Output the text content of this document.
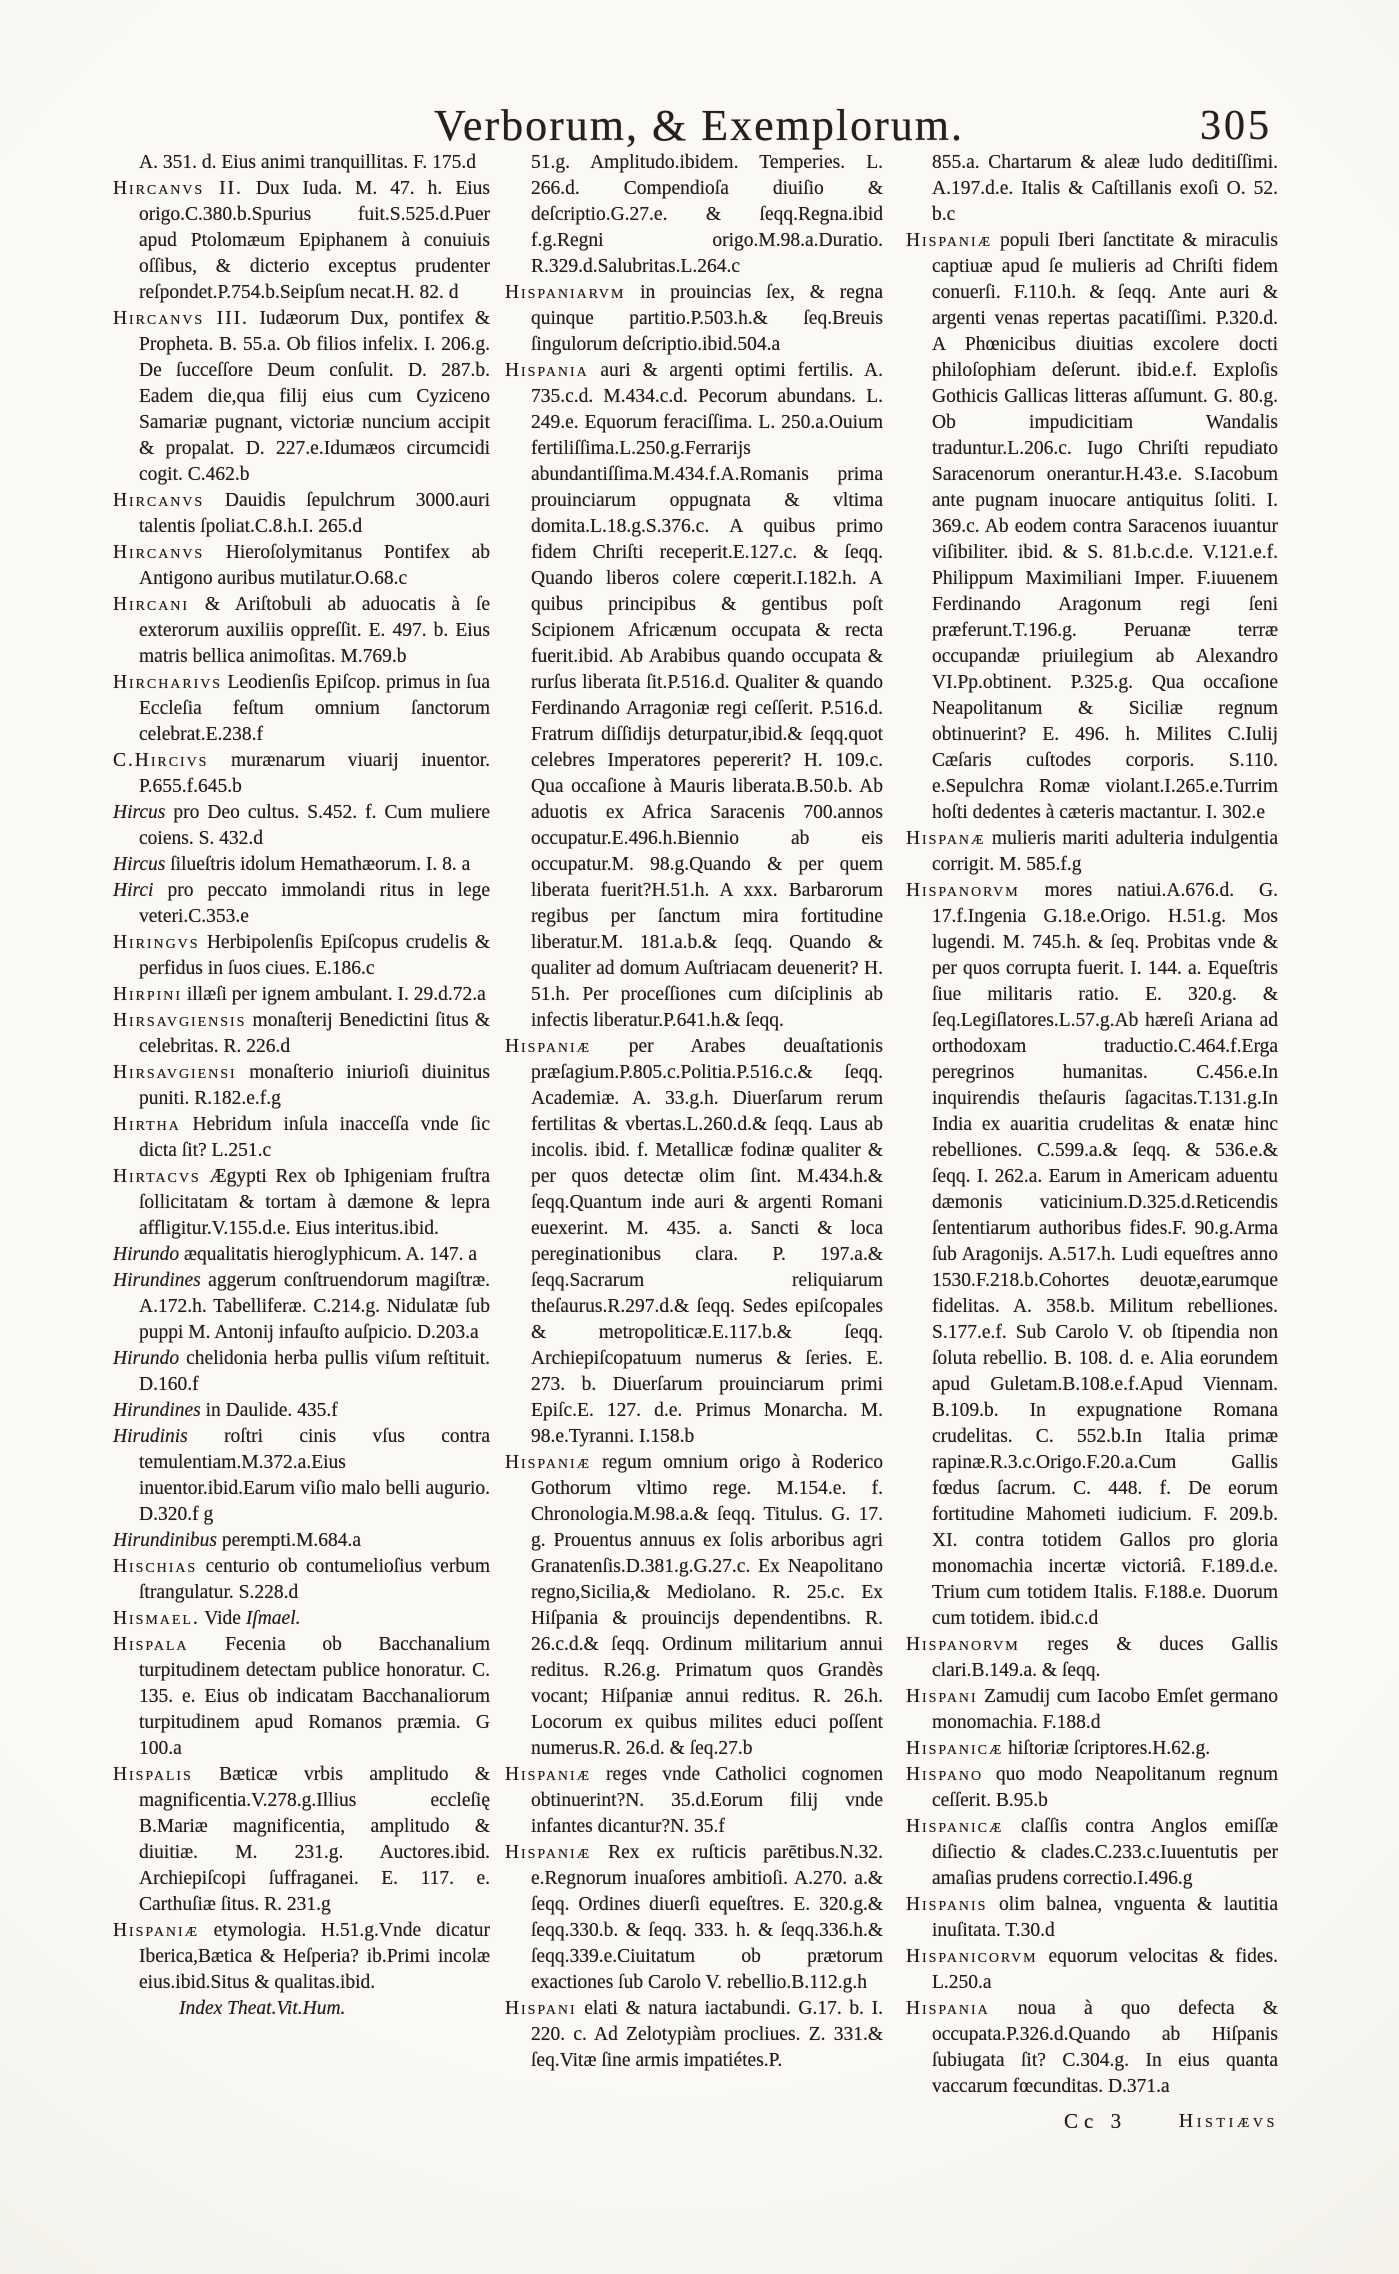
Verborum, & Exemplorum.	305

A. 351. d. Eius animi tranquillitas. F. 175.d

Hircanvs II. Dux Iuda. M. 47. h. Eius origo.C.380.b.Spurius fuit.S.525.d.Puer apud Ptolomæum Epiphanem à conuiuis oſſibus, & dicterio exceptus prudenter reſpondet.P.754.b.Seipſum necat.H. 82. d

Hircanvs III. Iudæorum Dux, pontifex & Propheta. B. 55.a. Ob filios infelix. I. 206.g. De ſucceſſore Deum conſulit. D. 287.b. Eadem die,qua filij eius cum Cyziceno Samariæ pugnant, victoriæ nuncium accipit & propalat. D. 227.e.Idumæos circumcidi cogit. C.462.b

Hircanvs Dauidis ſepulchrum 3000.auri talentis ſpoliat.C.8.h.I. 265.d

Hircanvs Hieroſolymitanus Pontifex ab Antigono auribus mutilatur.O.68.c

Hircani & Ariſtobuli ab aduocatis à ſe exterorum auxiliis oppreſſit. E. 497. b. Eius matris bellica animoſitas. M.769.b

Hircharivs Leodienſis Epiſcop. primus in ſua Eccleſia feſtum omnium ſanctorum celebrat.E.238.f

C.Hircivs murænarum viuarij inuentor. P.655.f.645.b

Hircus pro Deo cultus. S.452. f. Cum muliere coiens. S. 432.d

Hircus ſilueſtris idolum Hemathæorum. I. 8. a

Hirci pro peccato immolandi ritus in lege veteri.C.353.e

Hiringvs Herbipolenſis Epiſcopus crudelis & perfidus in ſuos ciues. E.186.c

Hirpini illæſi per ignem ambulant. I. 29.d.72.a

Hirsavgiensis monaſterij Benedictini ſitus & celebritas. R. 226.d

Hirsavgiensi monaſterio iniurioſi diuinitus puniti. R.182.e.f.g

Hirtha Hebridum inſula inacceſſa vnde ſic dicta ſit? L.251.c

Hirtacvs Ægypti Rex ob Iphigeniam fruſtra ſollicitatam & tortam à dæmone & lepra affligitur.V.155.d.e. Eius interitus.ibid.

Hirundo æqualitatis hieroglyphicum. A. 147. a

Hirundines aggerum conſtruendorum magiſtræ. A.172.h. Tabelliferæ. C.214.g. Nidulatæ ſub puppi M. Antonij infauſto auſpicio. D.203.a

Hirundo chelidonia herba pullis viſum reſtituit. D.160.f

Hirundines in Daulide. 435.f

Hirudinis roſtri cinis vſus contra temulentiam.M.372.a.Eius inuentor.ibid.Earum viſio malo belli augurio. D.320.f g

Hirundinibus perempti.M.684.a

Hischias centurio ob contumelioſius verbum ſtrangulatur. S.228.d

Hismael. Vide Iſmael.

Hispala Fecenia ob Bacchanalium turpitudinem detectam publice honoratur. C. 135. e. Eius ob indicatam Bacchanaliorum turpitudinem apud Romanos præmia. G 100.a

Hispalis Bæticæ vrbis amplitudo & magnificentia.V.278.g.Illius eccleſię B.Mariæ magnificentia, amplitudo & diuitiæ. M. 231.g. Auctores.ibid. Archiepiſcopi ſuffraganei. E. 117. e. Carthuſiæ ſitus. R. 231.g

Hispaniæ etymologia. H.51.g.Vnde dicatur Iberica,Bætica & Heſperia? ib.Primi incolæ eius.ibid.Situs & qualitas.ibid.

Index Theat.Vit.Hum.

51.g. Amplitudo.ibidem. Temperies. L. 266.d. Compendioſa diuiſio & deſcriptio.G.27.e. & ſeqq.Regna.ibid f.g.Regni origo.M.98.a.Duratio. R.329.d.Salubritas.L.264.c

Hispaniarvm in prouincias ſex, & regna quinque partitio.P.503.h.& ſeq.Breuis ſingulorum deſcriptio.ibid.504.a

Hispania auri & argenti optimi fertilis. A. 735.c.d. M.434.c.d. Pecorum abundans. L. 249.e. Equorum feraciſſima. L. 250.a.Ouium fertiliſſima.L.250.g.Ferrarijs abundantiſſima.M.434.f.A.Romanis prima prouinciarum oppugnata & vltima domita.L.18.g.S.376.c. A quibus primo fidem Chriſti receperit.E.127.c. & ſeqq. Quando liberos colere cœperit.I.182.h. A quibus principibus & gentibus poſt Scipionem Africænum occupata & recta fuerit.ibid. Ab Arabibus quando occupata & rurſus liberata ſit.P.516.d. Qualiter & quando Ferdinando Arragoniæ regi ceſſerit. P.516.d. Fratrum diſſidijs deturpatur,ibid.& ſeqq.quot celebres Imperatores pepererit? H. 109.c. Qua occaſione à Mauris liberata.B.50.b. Ab aduotis ex Africa Saracenis 700.annos occupatur.E.496.h.Biennio ab eis occupatur.M. 98.g.Quando & per quem liberata fuerit?H.51.h. A xxx. Barbarorum regibus per ſanctum mira fortitudine liberatur.M. 181.a.b.& ſeqq. Quando & qualiter ad domum Auſtriacam deuenerit? H. 51.h. Per proceſſiones cum diſciplinis ab infectis liberatur.P.641.h.& ſeqq.

Hispaniæ per Arabes deuaſtationis præſagium.P.805.c.Politia.P.516.c.& ſeqq. Academiæ. A. 33.g.h. Diuerſarum rerum fertilitas & vbertas.L.260.d.& ſeqq. Laus ab incolis. ibid. f. Metallicæ fodinæ qualiter & per quos detectæ olim ſint. M.434.h.& ſeqq.Quantum inde auri & argenti Romani euexerint. M. 435. a. Sancti & loca pereginationibus clara. P. 197.a.& ſeqq.Sacrarum reliquiarum theſaurus.R.297.d.& ſeqq. Sedes epiſcopales & metropoliticæ.E.117.b.& ſeqq. Archiepiſcopatuum numerus & ſeries. E. 273. b. Diuerſarum prouinciarum primi Epiſc.E. 127. d.e. Primus Monarcha. M. 98.e.Tyranni. I.158.b

Hispaniæ regum omnium origo à Roderico Gothorum vltimo rege. M.154.e. f. Chronologia.M.98.a.& ſeqq. Titulus. G. 17. g. Prouentus annuus ex ſolis arboribus agri Granatenſis.D.381.g.G.27.c. Ex Neapolitano regno,Sicilia,& Mediolano. R. 25.c. Ex Hiſpania & prouincijs dependentibns. R. 26.c.d.& ſeqq. Ordinum militarium annui reditus. R.26.g. Primatum quos Grandès vocant; Hiſpaniæ annui reditus. R. 26.h. Locorum ex quibus milites educi poſſent numerus.R. 26.d. & ſeq.27.b

Hispaniæ reges vnde Catholici cognomen obtinuerint?N. 35.d.Eorum filij vnde infantes dicantur?N. 35.f

Hispaniæ Rex ex ruſticis parētibus.N.32. e.Regnorum inuaſores ambitioſi. A.270. a.& ſeqq. Ordines diuerſi equeſtres. E. 320.g.& ſeqq.330.b. & ſeqq. 333. h. & ſeqq.336.h.& ſeqq.339.e.Ciuitatum ob prætorum exactiones ſub Carolo V. rebellio.B.112.g.h

Hispani elati & natura iactabundi. G.17. b. I. 220. c. Ad Zelotypiàm procliues. Z. 331.& ſeq.Vitæ ſine armis impatiétes.P.

855.a. Chartarum & aleæ ludo deditiſſimi. A.197.d.e. Italis & Caſtillanis exoſi O. 52. b.c

Hispaniæ populi Iberi ſanctitate & miraculis captiuæ apud ſe mulieris ad Chriſti fidem conuerſi. F.110.h. & ſeqq. Ante auri & argenti venas repertas pacatiſſimi. P.320.d. A Phœnicibus diuitias excolere docti philoſophiam deſerunt. ibid.e.f. Exploſis Gothicis Gallicas litteras aſſumunt. G. 80.g. Ob impudicitiam Wandalis traduntur.L.206.c. Iugo Chriſti repudiato Saracenorum onerantur.H.43.e. S.Iacobum ante pugnam inuocare antiquitus ſoliti. I. 369.c. Ab eodem contra Saracenos iuuantur viſibiliter. ibid. & S. 81.b.c.d.e. V.121.e.f. Philippum Maximiliani Imper. F.iuuenem Ferdinando Aragonum regi ſeni præferunt.T.196.g. Peruanæ terræ occupandæ priuilegium ab Alexandro VI.Pp.obtinent. P.325.g. Qua occaſione Neapolitanum & Siciliæ regnum obtinuerint? E. 496. h. Milites C.Iulij Cæſaris cuſtodes corporis. S.110. e.Sepulchra Romæ violant.I.265.e.Turrim hoſti dedentes à cæteris mactantur. I. 302.e

Hispanæ mulieris mariti adulteria indulgentia corrigit. M. 585.f.g

Hispanorvm mores natiui.A.676.d. G. 17.f.Ingenia G.18.e.Origo. H.51.g. Mos lugendi. M. 745.h. & ſeq. Probitas vnde & per quos corrupta fuerit. I. 144. a. Equeſtris ſiue militaris ratio. E. 320.g. & ſeq.Legiſlatores.L.57.g.Ab hæreſi Ariana ad orthodoxam traductio.C.464.f.Erga peregrinos humanitas. C.456.e.In inquirendis theſauris ſagacitas.T.131.g.In India ex auaritia crudelitas & enatæ hinc rebelliones. C.599.a.& ſeqq. & 536.e.& ſeqq. I. 262.a. Earum in Americam aduentu dæmonis vaticinium.D.325.d.Reticendis ſententiarum authoribus fides.F. 90.g.Arma ſub Aragonijs. A.517.h. Ludi equeſtres anno 1530.F.218.b.Cohortes deuotæ,earumque fidelitas. A. 358.b. Militum rebelliones. S.177.e.f. Sub Carolo V. ob ſtipendia non ſoluta rebellio. B. 108. d. e. Alia eorundem apud Guletam.B.108.e.f.Apud Viennam. B.109.b. In expugnatione Romana crudelitas. C. 552.b.In Italia primæ rapinæ.R.3.c.Origo.F.20.a.Cum Gallis fœdus ſacrum. C. 448. f. De eorum fortitudine Mahometi iudicium. F. 209.b. XI. contra totidem Gallos pro gloria monomachia incertæ victoriâ. F.189.d.e. Trium cum totidem Italis. F.188.e. Duorum cum totidem. ibid.c.d

Hispanorvm reges & duces Gallis clari.B.149.a. & ſeqq.

Hispani Zamudij cum Iacobo Emſet germano monomachia. F.188.d

Hispanicæ hiſtoriæ ſcriptores.H.62.g.

Hispano quo modo Neapolitanum regnum ceſſerit. B.95.b

Hispanicæ claſſis contra Anglos emiſſæ diſiectio & clades.C.233.c.Iuuentutis per amaſias prudens correctio.I.496.g

Hispanis olim balnea, vnguenta & lautitia inuſitata. T.30.d

Hispanicorvm equorum velocitas & fides. L.250.a

Hispania noua à quo defecta & occupata.P.326.d.Quando ab Hiſpanis ſubiugata ſit? C.304.g. In eius quanta vaccarum fœcunditas. D.371.a

Cc 3	Histiævs
